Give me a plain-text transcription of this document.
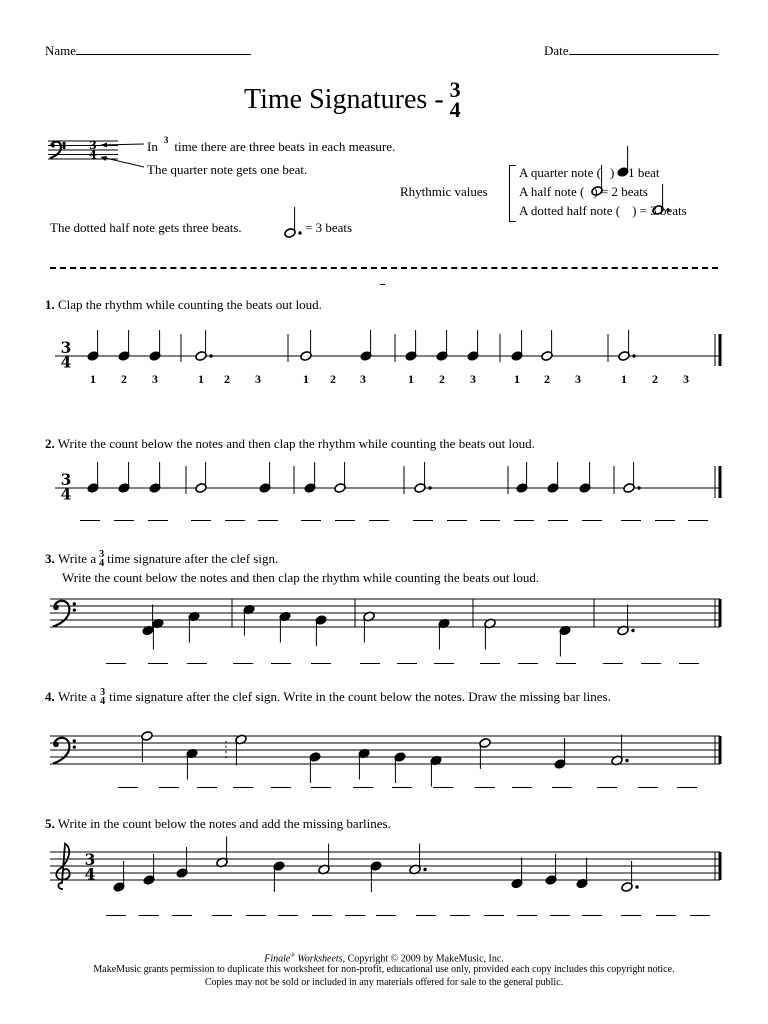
Name	Date
Time Signatures - 3
4
3
4
3
4
3
4
3
4
In 3 time there are three beats in each measure.
The quarter note gets one beat.
Rhythmic values
A quarter note ( ) = 1 beat
A half note ( ) = 2 beats
A dotted half note ( ) = 3 beats
The dotted half note gets three beats.	= 3 beats
1. Clap the rhythm while counting the beats out loud.
2. Write the count below the notes and then clap the rhythm while counting the beats out loud.
3.
Write a 3
4 time signature after the clef sign.
Write the count below the notes and then clap the rhythm while counting the beats out loud.
4.
Write a 3
4 time signature after the clef sign. Write in the count below the notes. Draw the missing bar lines.
5. Write in the count below the notes and add the missing barlines.
1 2 3	1 2 3	1 2 3	1 2 3	1 2 3	1 2 3
Finale® Worksheets, Copyright © 2009 by MakeMusic, Inc.
MakeMusic grants permission to duplicate this worksheet for non-profit, educational use only, provided each copy includes this copyright notice.
Copies may not be sold or included in any materials offered for sale to the general public.
